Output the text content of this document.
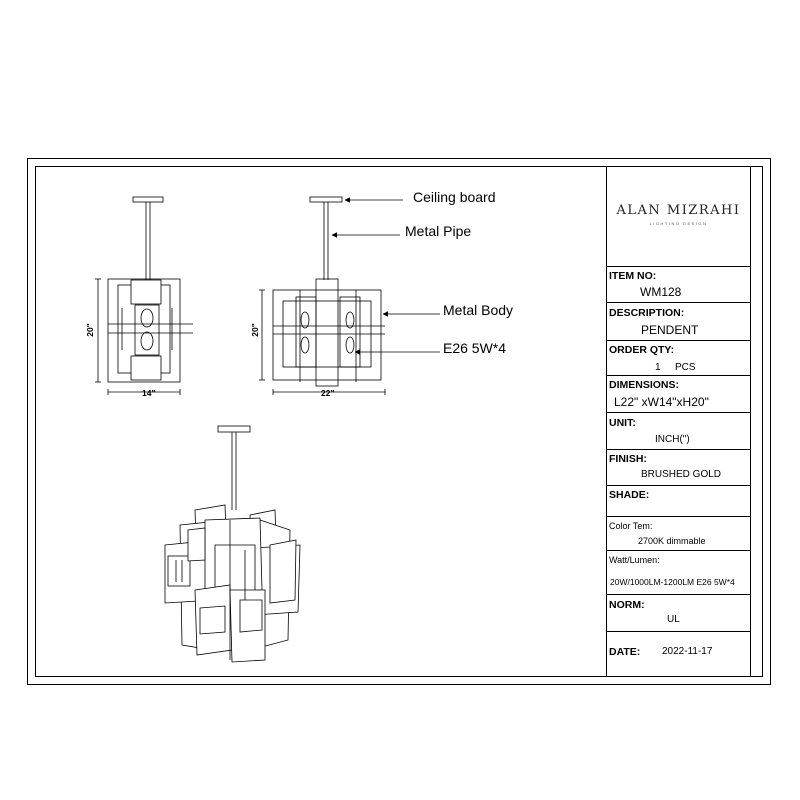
ALAN MIZRAHI
LIGHTING DESIGN
ITEM NO:
WM128
DESCRIPTION:
PENDENT
ORDER QTY:
1 PCS
DIMENSIONS:
L22" xW14"xH20"
UNIT:
INCH(")
FINISH:
BRUSHED GOLD
SHADE:
Color Tem:
2700K dimmable
Watt/Lumen:
20W/1000LM-1200LM E26 5W*4
NORM:
UL
DATE: 2022-11-17
Ceiling board
Metal Pipe
Metal Body
E26 5W*4
20"
14"
20"
22"
